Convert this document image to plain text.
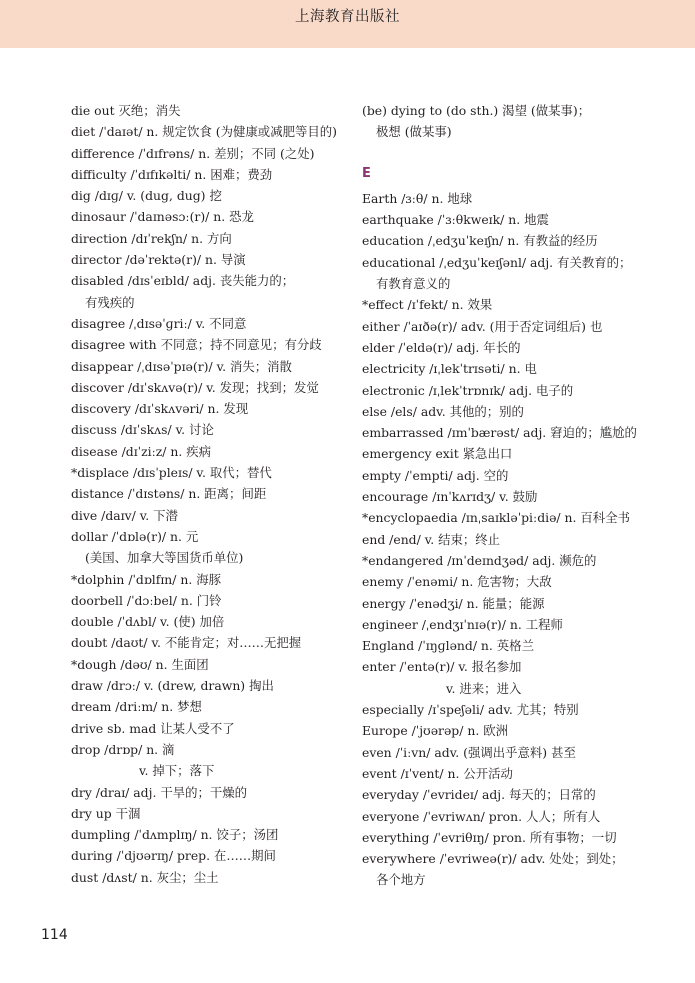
上海教育出版社
die out 灭绝；消失
diet /ˈdaɪət/ n. 规定饮食 (为健康或减肥等目的)
difference /ˈdɪfrəns/ n. 差别；不同 (之处)
difficulty /ˈdɪfɪkəlti/ n. 困难；费劲
dig /dɪɡ/ v. (dug, dug) 挖
dinosaur /ˈdaɪnəsɔː(r)/ n. 恐龙
direction /dɪˈrekʃn/ n. 方向
director /dəˈrektə(r)/ n. 导演
disabled /dɪsˈeɪbld/ adj. 丧失能力的；
有残疾的
disagree /ˌdɪsəˈɡriː/ v. 不同意
disagree with 不同意；持不同意见；有分歧
disappear /ˌdɪsəˈpɪə(r)/ v. 消失；消散
discover /dɪˈskʌvə(r)/ v. 发现；找到；发觉
discovery /dɪˈskʌvəri/ n. 发现
discuss /dɪˈskʌs/ v. 讨论
disease /dɪˈziːz/ n. 疾病
*displace /dɪsˈpleɪs/ v. 取代；替代
distance /ˈdɪstəns/ n. 距离；间距
dive /daɪv/ v. 下潜
dollar /ˈdɒlə(r)/ n. 元
(美国、加拿大等国货币单位)
*dolphin /ˈdɒlfɪn/ n. 海豚
doorbell /ˈdɔːbel/ n. 门铃
double /ˈdʌbl/ v. (使) 加倍
doubt /daʊt/ v. 不能肯定；对……无把握
*dough /dəʊ/ n. 生面团
draw /drɔː/ v. (drew, drawn) 掏出
dream /driːm/ n. 梦想
drive sb. mad 让某人受不了
drop /drɒp/ n. 滴
v. 掉下；落下
dry /draɪ/ adj. 干旱的；干燥的
dry up 干涸
dumpling /ˈdʌmplɪŋ/ n. 饺子；汤团
during /ˈdjʊərɪŋ/ prep. 在……期间
dust /dʌst/ n. 灰尘；尘土
(be) dying to (do sth.) 渴望 (做某事)；
极想 (做某事)
E
Earth /ɜːθ/ n. 地球
earthquake /ˈɜːθkweɪk/ n. 地震
education /ˌedʒuˈkeɪʃn/ n. 有教益的经历
educational /ˌedʒuˈkeɪʃənl/ adj. 有关教育的；
有教育意义的
*effect /ɪˈfekt/ n. 效果
either /ˈaɪðə(r)/ adv. (用于否定词组后) 也
elder /ˈeldə(r)/ adj. 年长的
electricity /ɪˌlekˈtrɪsəti/ n. 电
electronic /ɪˌlekˈtrɒnɪk/ adj. 电子的
else /els/ adv. 其他的；别的
embarrassed /ɪmˈbærəst/ adj. 窘迫的；尴尬的
emergency exit 紧急出口
empty /ˈempti/ adj. 空的
encourage /ɪnˈkʌrɪdʒ/ v. 鼓励
*encyclopaedia /ɪnˌsaɪkləˈpiːdiə/ n. 百科全书
end /end/ v. 结束；终止
*endangered /ɪnˈdeɪndʒəd/ adj. 濒危的
enemy /ˈenəmi/ n. 危害物；大敌
energy /ˈenədʒi/ n. 能量；能源
engineer /ˌendʒɪˈnɪə(r)/ n. 工程师
England /ˈɪŋɡlənd/ n. 英格兰
enter /ˈentə(r)/ v. 报名参加
v. 进来；进入
especially /ɪˈspeʃəli/ adv. 尤其；特别
Europe /ˈjʊərəp/ n. 欧洲
even /ˈiːvn/ adv. (强调出乎意料) 甚至
event /ɪˈvent/ n. 公开活动
everyday /ˈevrideɪ/ adj. 每天的；日常的
everyone /ˈevriwʌn/ pron. 人人；所有人
everything /ˈevriθɪŋ/ pron. 所有事物；一切
everywhere /ˈevriweə(r)/ adv. 处处；到处；
各个地方
114
